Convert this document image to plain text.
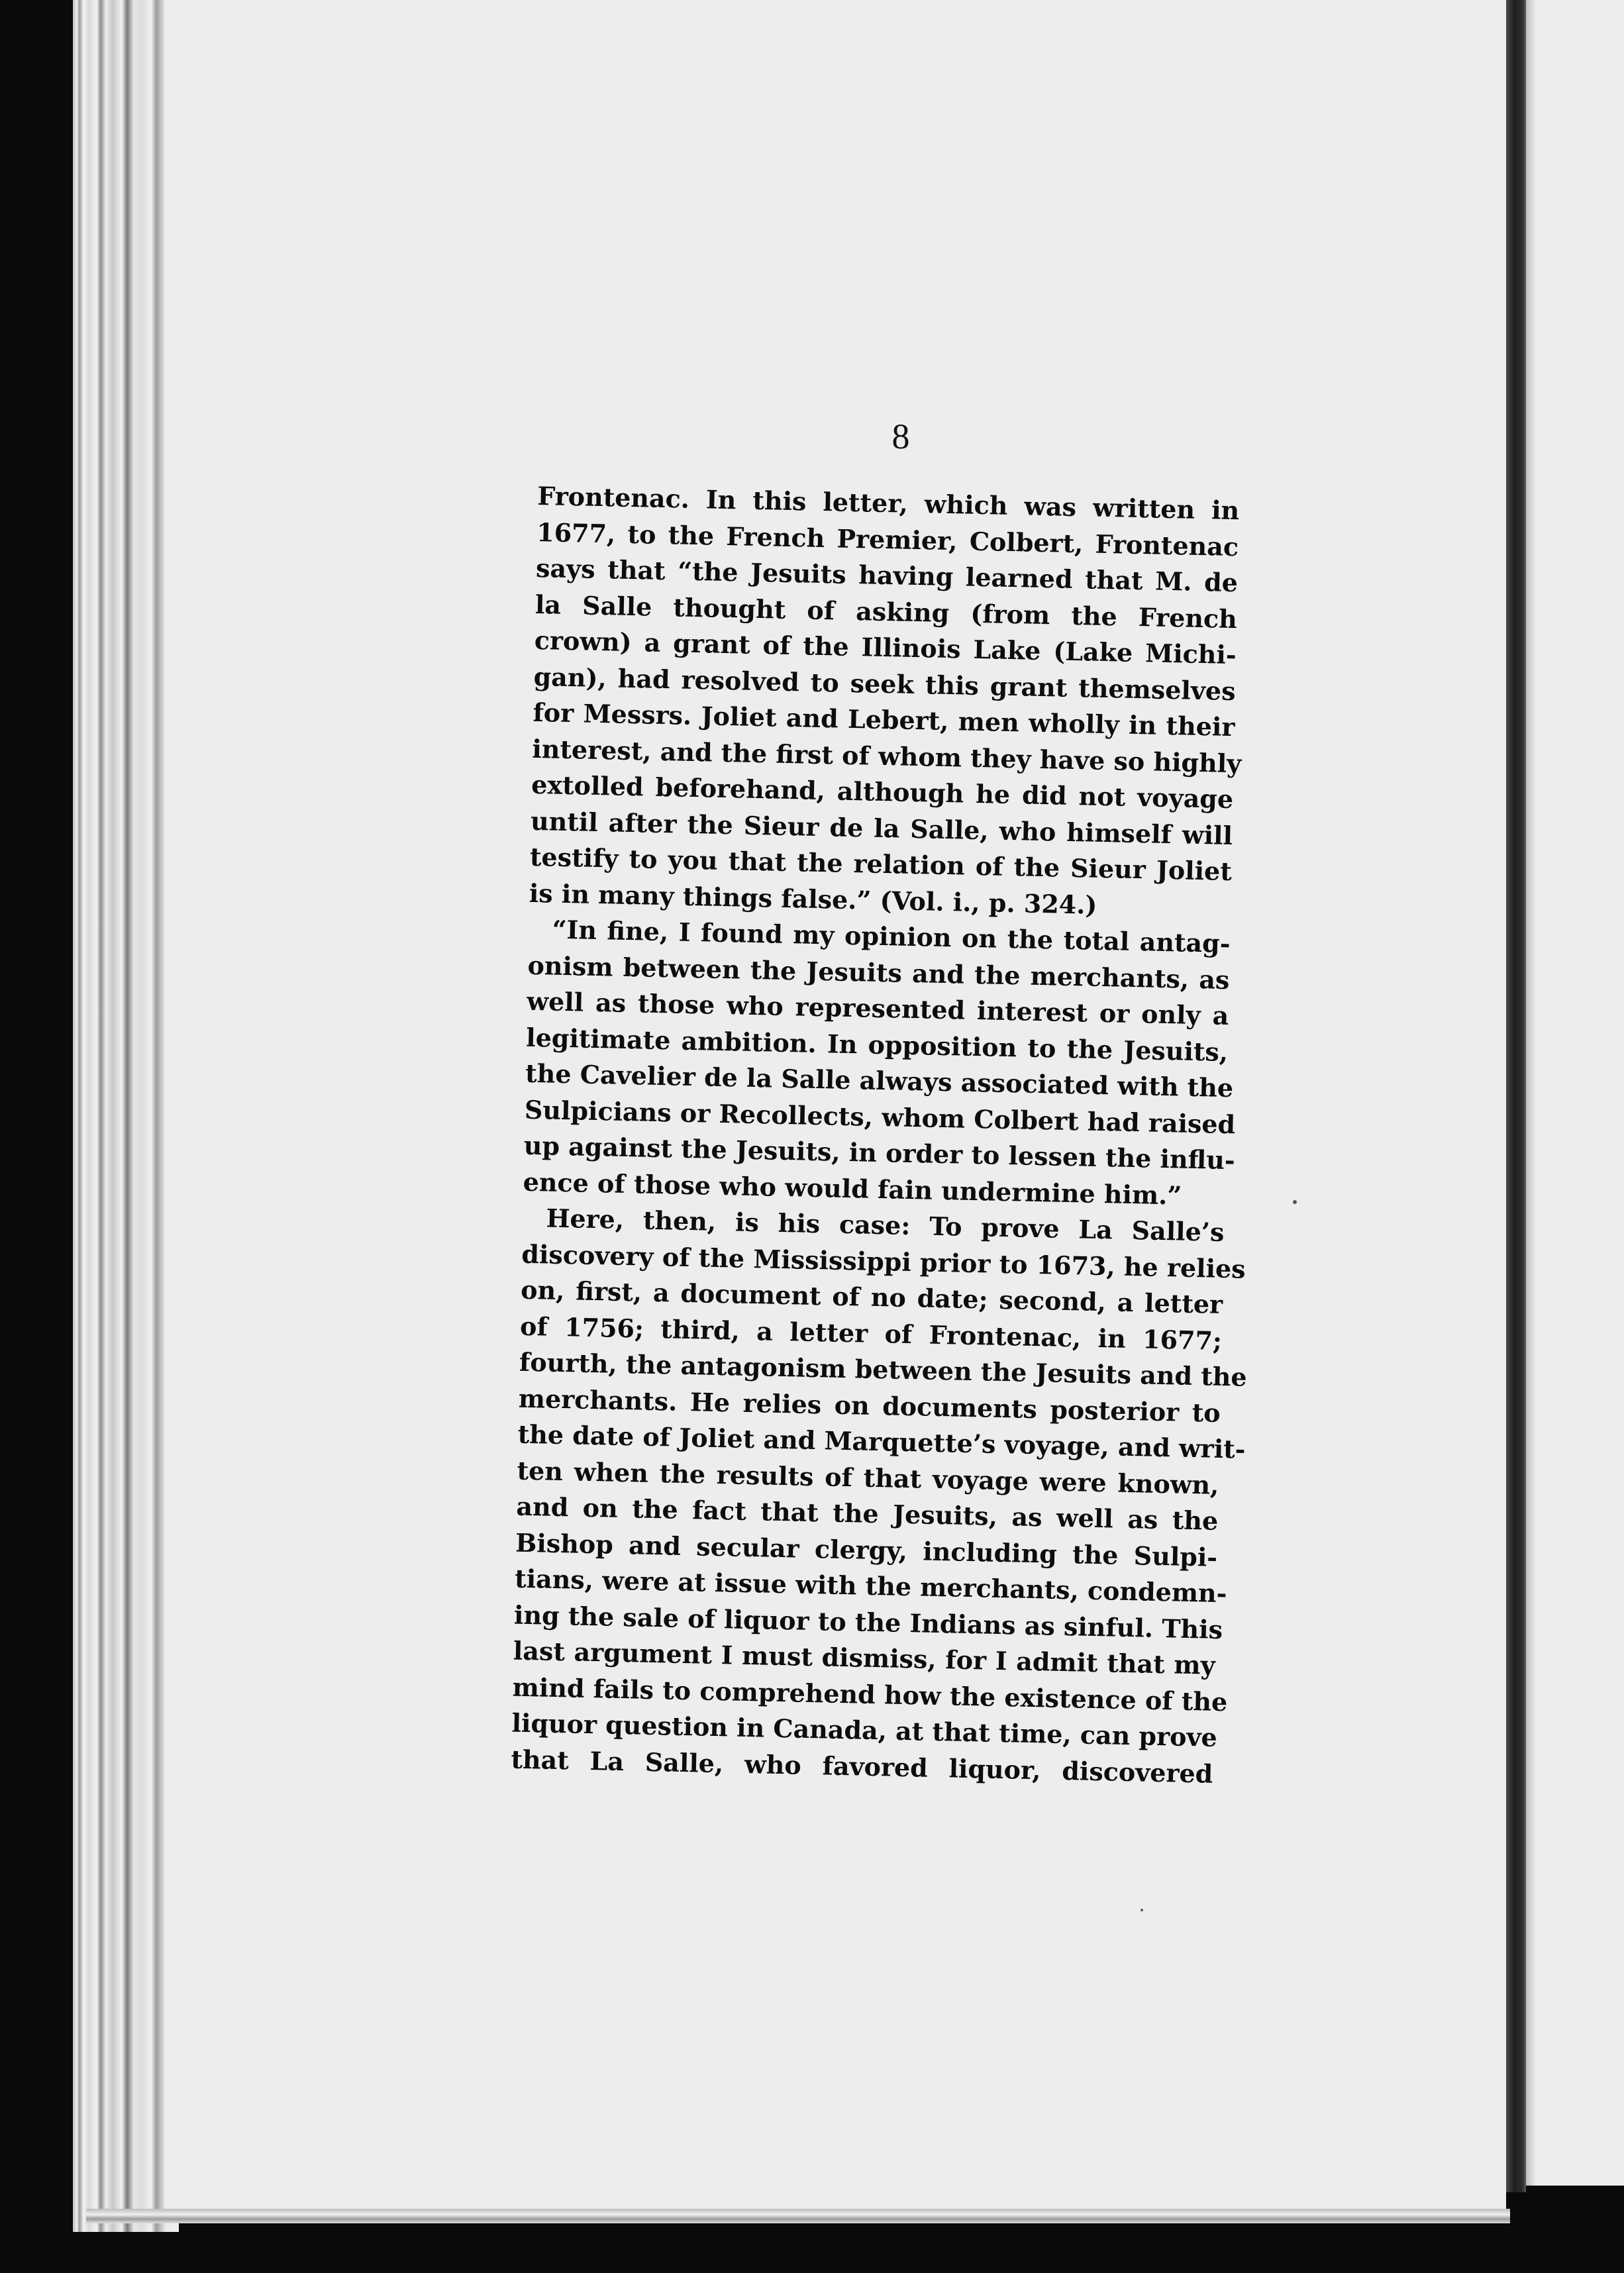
8
Frontenac. In this letter, which was written in
1677, to the French Premier, Colbert, Frontenac
says that “the Jesuits having learned that M. de
la Salle thought of asking (from the French
crown) a grant of the Illinois Lake (Lake Michi-
gan), had resolved to seek this grant themselves
for Messrs. Joliet and Lebert, men wholly in their
interest, and the first of whom they have so highly
extolled beforehand, although he did not voyage
until after the Sieur de la Salle, who himself will
testify to you that the relation of the Sieur Joliet
is in many things false.” (Vol. i., p. 324.)
“In fine, I found my opinion on the total antag-
onism between the Jesuits and the merchants, as
well as those who represented interest or only a
legitimate ambition. In opposition to the Jesuits,
the Cavelier de la Salle always associated with the
Sulpicians or Recollects, whom Colbert had raised
up against the Jesuits, in order to lessen the influ-
ence of those who would fain undermine him.”
Here, then, is his case: To prove La Salle’s
discovery of the Mississippi prior to 1673, he relies
on, first, a document of no date; second, a letter
of 1756; third, a letter of Frontenac, in 1677;
fourth, the antagonism between the Jesuits and the
merchants. He relies on documents posterior to
the date of Joliet and Marquette’s voyage, and writ-
ten when the results of that voyage were known,
and on the fact that the Jesuits, as well as the
Bishop and secular clergy, including the Sulpi-
tians, were at issue with the merchants, condemn-
ing the sale of liquor to the Indians as sinful. This
last argument I must dismiss, for I admit that my
mind fails to comprehend how the existence of the
liquor question in Canada, at that time, can prove
that La Salle, who favored liquor, discovered
